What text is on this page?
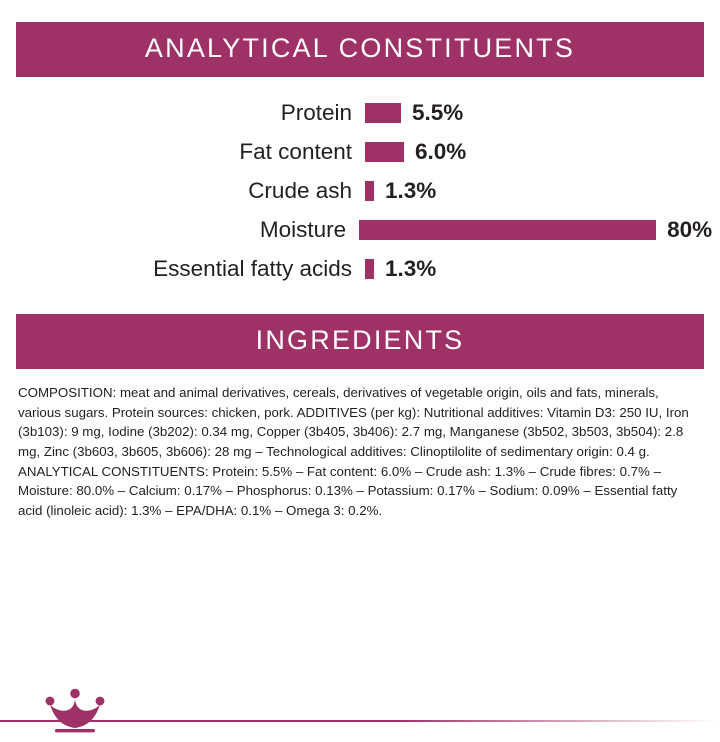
ANALYTICAL CONSTITUENTS
Protein	5.5%
Fat content	6.0%
Crude ash	1.3%
Moisture	80%
Essential fatty acids	1.3%
INGREDIENTS
COMPOSITION: meat and animal derivatives, cereals, derivatives of vegetable origin, oils and fats, minerals, various sugars. Protein sources: chicken, pork. ADDITIVES (per kg): Nutritional additives: Vitamin D3: 250 IU, Iron (3b103): 9 mg, Iodine (3b202): 0.34 mg, Copper (3b405, 3b406): 2.7 mg, Manganese (3b502, 3b503, 3b504): 2.8 mg, Zinc (3b603, 3b605, 3b606): 28 mg – Technological additives: Clinoptilolite of sedimentary origin: 0.4 g. ANALYTICAL CONSTITUENTS: Protein: 5.5% – Fat content: 6.0% – Crude ash: 1.3% – Crude fibres: 0.7% – Moisture: 80.0% – Calcium: 0.17% – Phosphorus: 0.13% – Potassium: 0.17% – Sodium: 0.09% – Essential fatty acid (linoleic acid): 1.3% – EPA/DHA: 0.1% – Omega 3: 0.2%.
